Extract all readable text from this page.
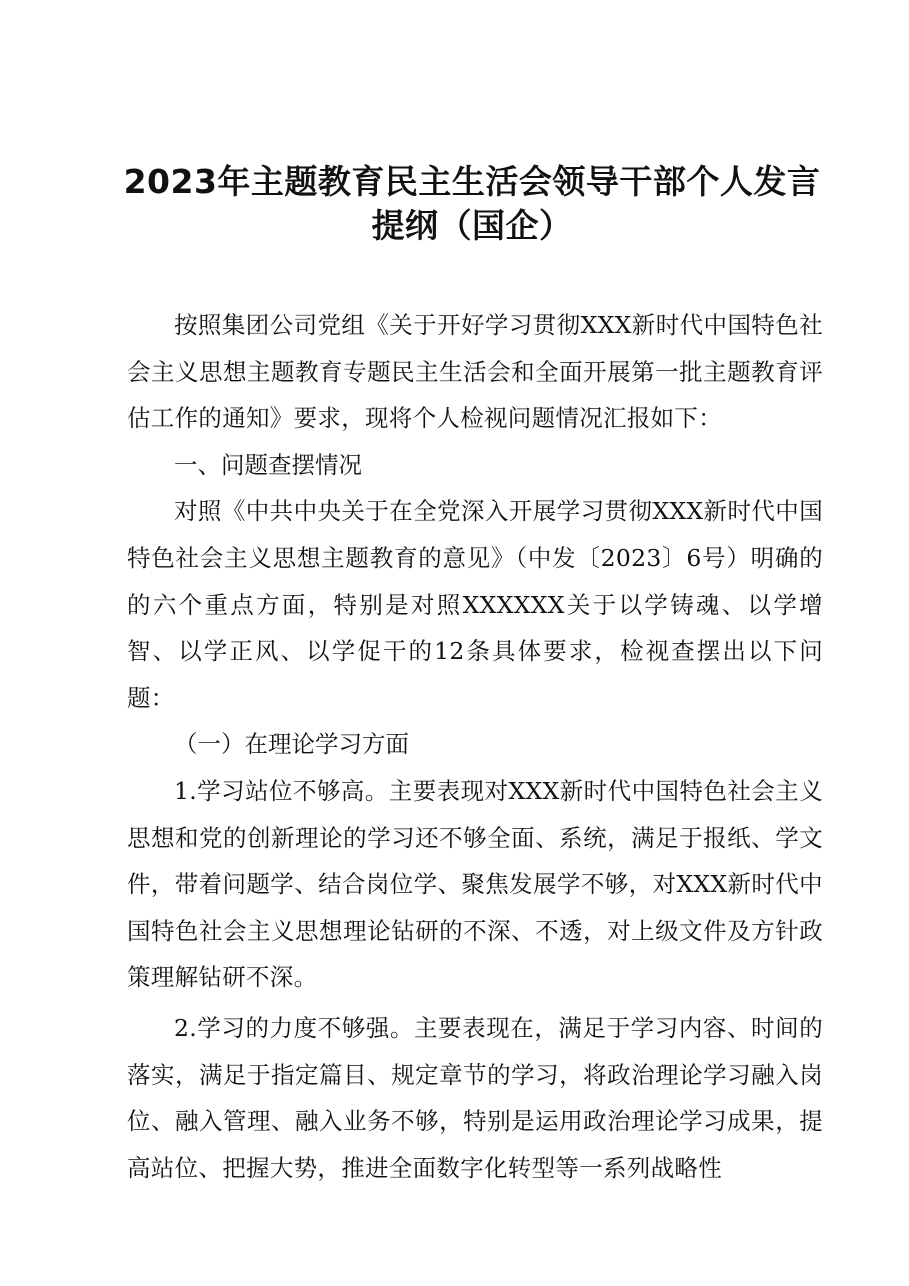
2023年主题教育民主生活会领导干部个人发言提纲（国企）

按照集团公司党组《关于开好学习贯彻XXX新时代中国特色社会主义思想主题教育专题民主生活会和全面开展第一批主题教育评估工作的通知》要求，现将个人检视问题情况汇报如下：

一、问题查摆情况

对照《中共中央关于在全党深入开展学习贯彻XXX新时代中国特色社会主义思想主题教育的意见》（中发〔2023〕6号）明确的的六个重点方面，特别是对照XXXXXX关于以学铸魂、以学增智、以学正风、以学促干的12条具体要求，检视查摆出以下问题：

（一）在理论学习方面

1.学习站位不够高。主要表现对XXX新时代中国特色社会主义思想和党的创新理论的学习还不够全面、系统，满足于报纸、学文件，带着问题学、结合岗位学、聚焦发展学不够，对XXX新时代中国特色社会主义思想理论钻研的不深、不透，对上级文件及方针政策理解钻研不深。

2.学习的力度不够强。主要表现在，满足于学习内容、时间的落实，满足于指定篇目、规定章节的学习，将政治理论学习融入岗位、融入管理、融入业务不够，特别是运用政治理论学习成果，提高站位、把握大势，推进全面数字化转型等一系列战略性
